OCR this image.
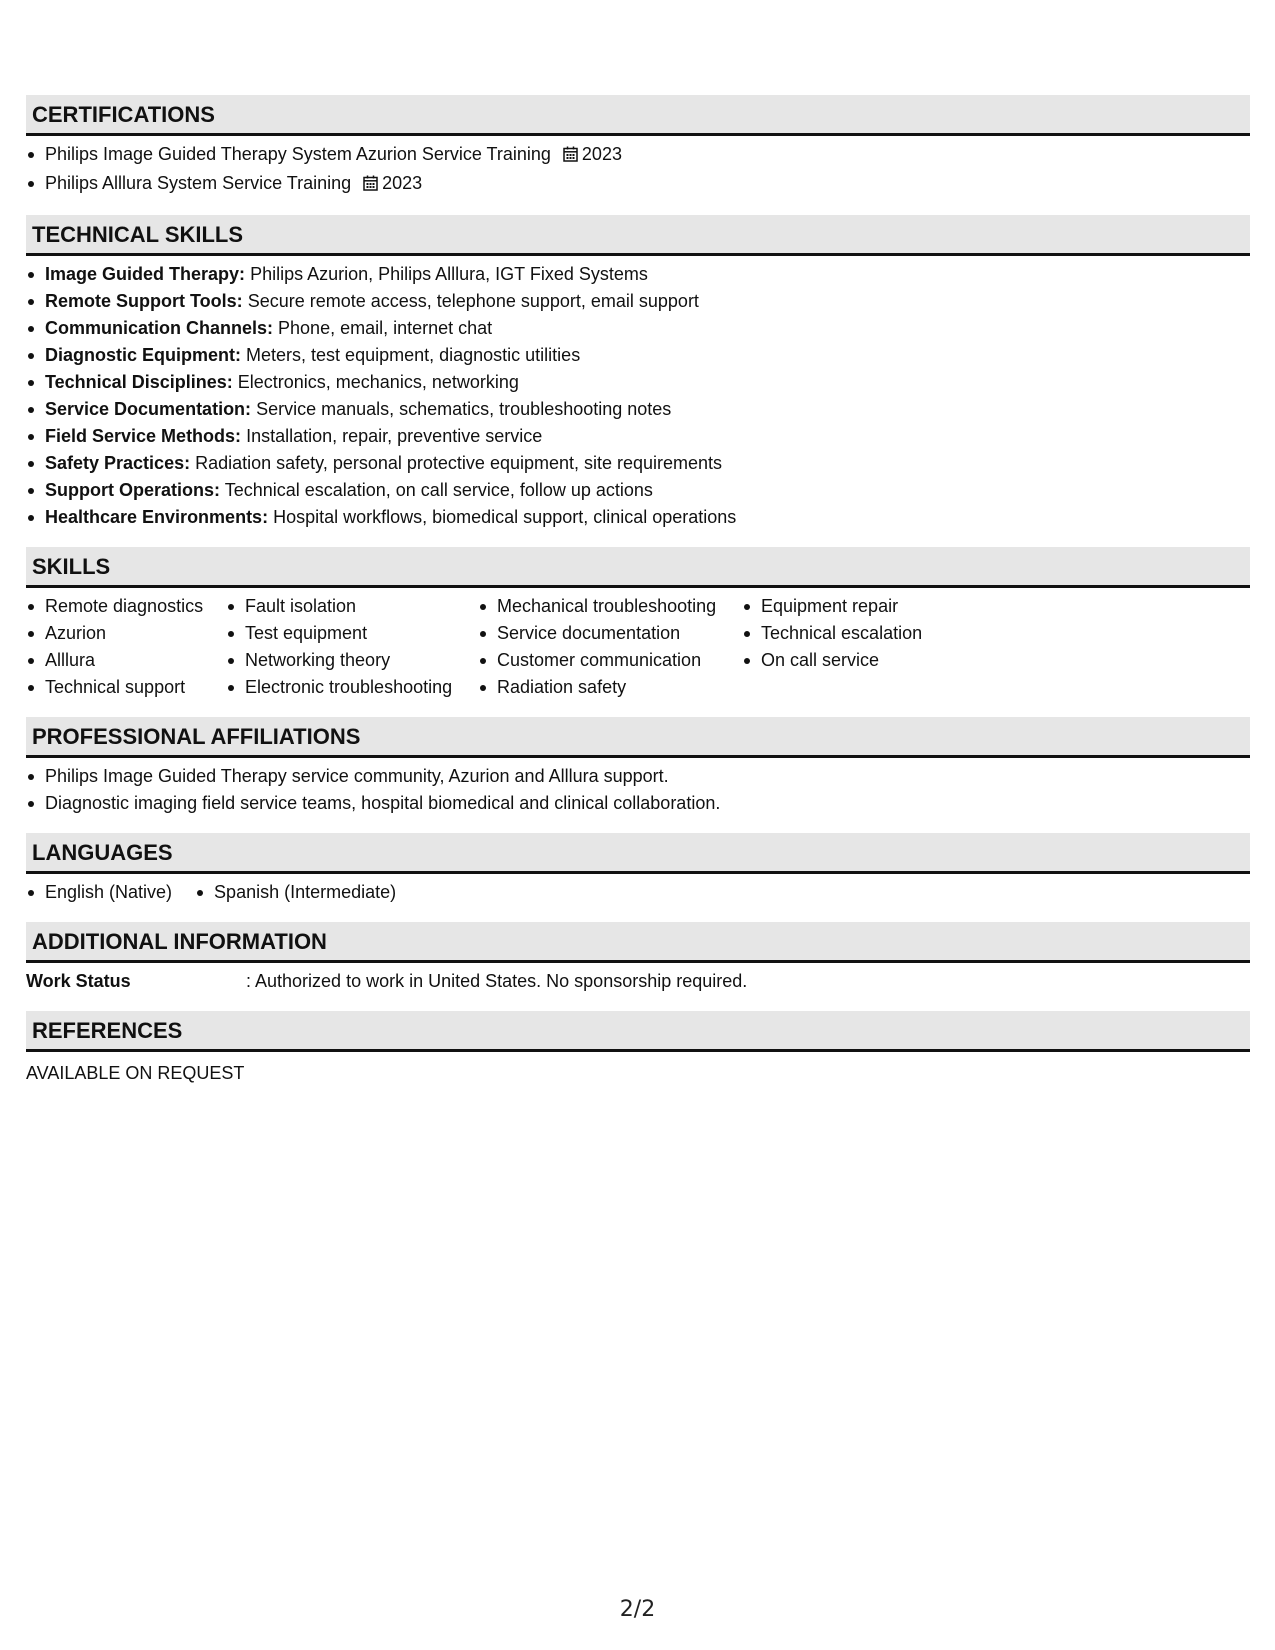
CERTIFICATIONS
Philips Image Guided Therapy System Azurion Service Training 2023
Philips Alllura System Service Training 2023
TECHNICAL SKILLS
Image Guided Therapy: Philips Azurion, Philips Alllura, IGT Fixed Systems
Remote Support Tools: Secure remote access, telephone support, email support
Communication Channels: Phone, email, internet chat
Diagnostic Equipment: Meters, test equipment, diagnostic utilities
Technical Disciplines: Electronics, mechanics, networking
Service Documentation: Service manuals, schematics, troubleshooting notes
Field Service Methods: Installation, repair, preventive service
Safety Practices: Radiation safety, personal protective equipment, site requirements
Support Operations: Technical escalation, on call service, follow up actions
Healthcare Environments: Hospital workflows, biomedical support, clinical operations
SKILLS
Remote diagnostics
Azurion
Alllura
Technical support
Fault isolation
Test equipment
Networking theory
Electronic troubleshooting
Mechanical troubleshooting
Service documentation
Customer communication
Radiation safety
Equipment repair
Technical escalation
On call service
PROFESSIONAL AFFILIATIONS
Philips Image Guided Therapy service community, Azurion and Alllura support.
Diagnostic imaging field service teams, hospital biomedical and clinical collaboration.
LANGUAGES
English (Native)	Spanish (Intermediate)
ADDITIONAL INFORMATION
Work Status	: Authorized to work in United States. No sponsorship required.
REFERENCES
AVAILABLE ON REQUEST
2/2
